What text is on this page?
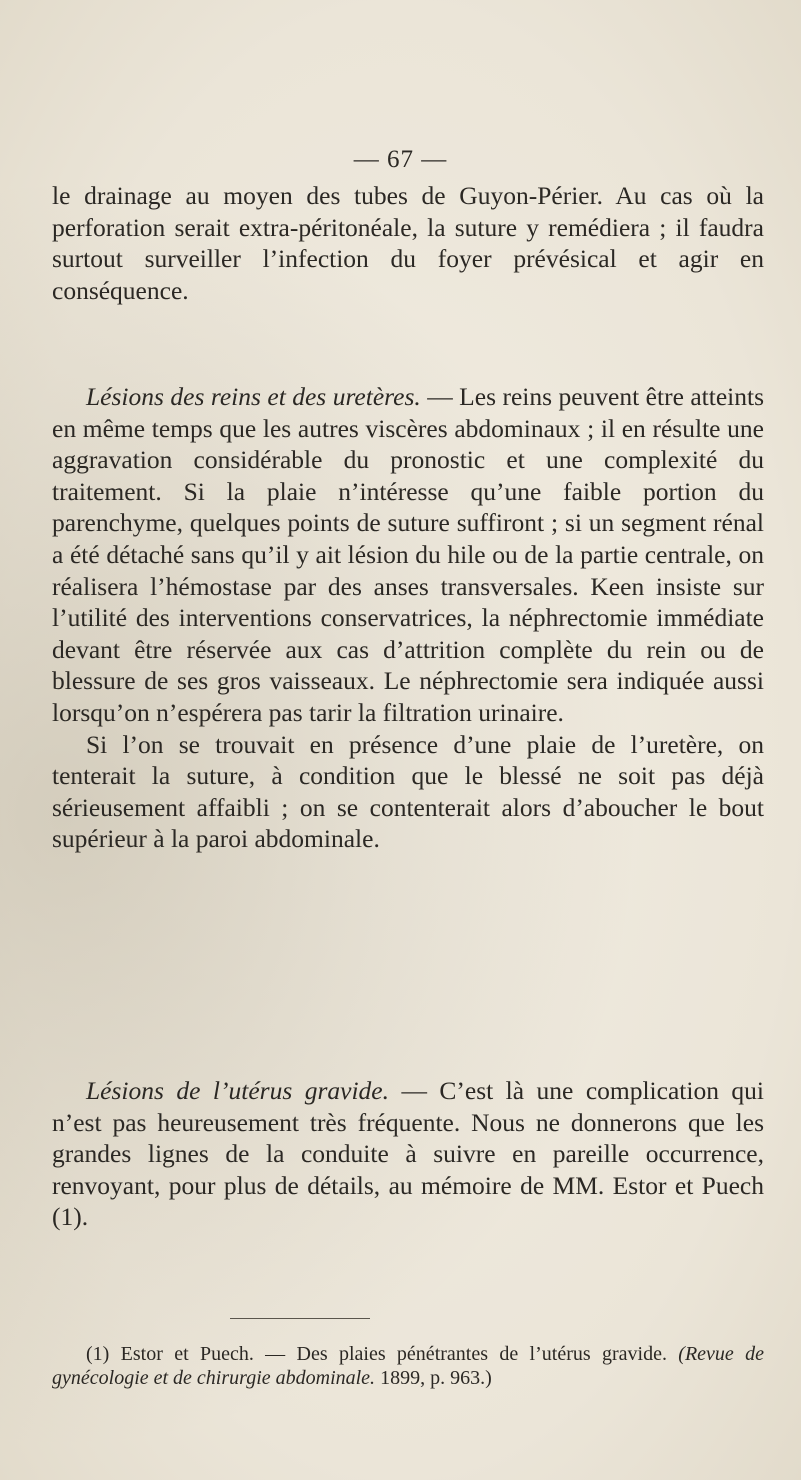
— 67 —

le drainage au moyen des tubes de Guyon-Périer. Au cas où la perforation serait extra-péritonéale, la suture y remédiera ; il faudra surtout surveiller l’infection du foyer prévésical et agir en conséquence.

Lésions des reins et des uretères. — Les reins peuvent être atteints en même temps que les autres viscères abdominaux ; il en résulte une aggravation considérable du pronostic et une complexité du traitement. Si la plaie n’intéresse qu’une faible portion du parenchyme, quelques points de suture suffiront ; si un segment rénal a été détaché sans qu’il y ait lésion du hile ou de la partie centrale, on réalisera l’hémostase par des anses transversales. Keen insiste sur l’utilité des interventions conservatrices, la néphrectomie immédiate devant être réservée aux cas d’attrition complète du rein ou de blessure de ses gros vaisseaux. Le néphrectomie sera indiquée aussi lorsqu’on n’espérera pas tarir la filtration urinaire.

Si l’on se trouvait en présence d’une plaie de l’uretère, on tenterait la suture, à condition que le blessé ne soit pas déjà sérieusement affaibli ; on se contenterait alors d’aboucher le bout supérieur à la paroi abdominale.

Lésions de l’utérus gravide. — C’est là une complication qui n’est pas heureusement très fréquente. Nous ne donnerons que les grandes lignes de la conduite à suivre en pareille occurrence, renvoyant, pour plus de détails, au mémoire de MM. Estor et Puech (1).

(1) Estor et Puech. — Des plaies pénétrantes de l’utérus gravide. (Revue de gynécologie et de chirurgie abdominale. 1899, p. 963.)
